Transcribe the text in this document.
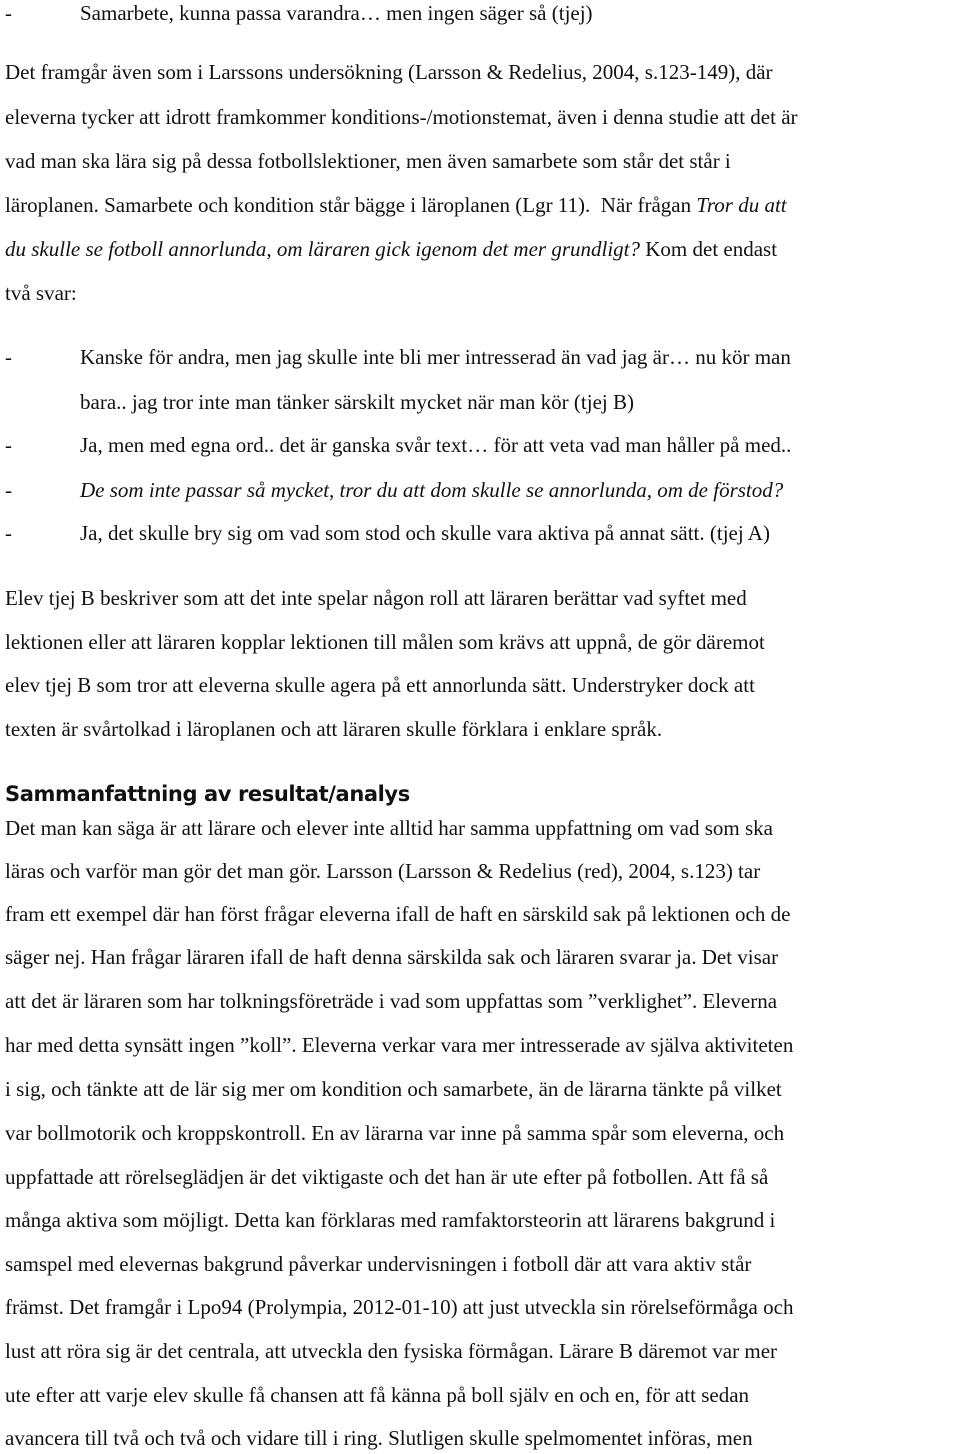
-	Samarbete, kunna passa varandra… men ingen säger så (tjej)
Det framgår även som i Larssons undersökning (Larsson & Redelius, 2004, s.123-149), där
eleverna tycker att idrott framkommer konditions-/motionstemat, även i denna studie att det är
vad man ska lära sig på dessa fotbollslektioner, men även samarbete som står det står i
läroplanen. Samarbete och kondition står bägge i läroplanen (Lgr 11).  När frågan Tror du att
du skulle se fotboll annorlunda, om läraren gick igenom det mer grundligt? Kom det endast
två svar:
-	Kanske för andra, men jag skulle inte bli mer intresserad än vad jag är… nu kör man
bara.. jag tror inte man tänker särskilt mycket när man kör (tjej B)
-	Ja, men med egna ord.. det är ganska svår text… för att veta vad man håller på med..
-	De som inte passar så mycket, tror du att dom skulle se annorlunda, om de förstod?
-	Ja, det skulle bry sig om vad som stod och skulle vara aktiva på annat sätt. (tjej A)
Elev tjej B beskriver som att det inte spelar någon roll att läraren berättar vad syftet med
lektionen eller att läraren kopplar lektionen till målen som krävs att uppnå, de gör däremot
elev tjej B som tror att eleverna skulle agera på ett annorlunda sätt. Understryker dock att
texten är svårtolkad i läroplanen och att läraren skulle förklara i enklare språk.
Sammanfattning av resultat/analys
Det man kan säga är att lärare och elever inte alltid har samma uppfattning om vad som ska
läras och varför man gör det man gör. Larsson (Larsson & Redelius (red), 2004, s.123) tar
fram ett exempel där han först frågar eleverna ifall de haft en särskild sak på lektionen och de
säger nej. Han frågar läraren ifall de haft denna särskilda sak och läraren svarar ja. Det visar
att det är läraren som har tolkningsföreträde i vad som uppfattas som ”verklighet”. Eleverna
har med detta synsätt ingen ”koll”. Eleverna verkar vara mer intresserade av själva aktiviteten
i sig, och tänkte att de lär sig mer om kondition och samarbete, än de lärarna tänkte på vilket
var bollmotorik och kroppskontroll. En av lärarna var inne på samma spår som eleverna, och
uppfattade att rörelseglädjen är det viktigaste och det han är ute efter på fotbollen. Att få så
många aktiva som möjligt. Detta kan förklaras med ramfaktorsteorin att lärarens bakgrund i
samspel med elevernas bakgrund påverkar undervisningen i fotboll där att vara aktiv står
främst. Det framgår i Lpo94 (Prolympia, 2012-01-10) att just utveckla sin rörelseförmåga och
lust att röra sig är det centrala, att utveckla den fysiska förmågan. Lärare B däremot var mer
ute efter att varje elev skulle få chansen att få känna på boll själv en och en, för att sedan
avancera till två och två och vidare till i ring. Slutligen skulle spelmomentet införas, men
